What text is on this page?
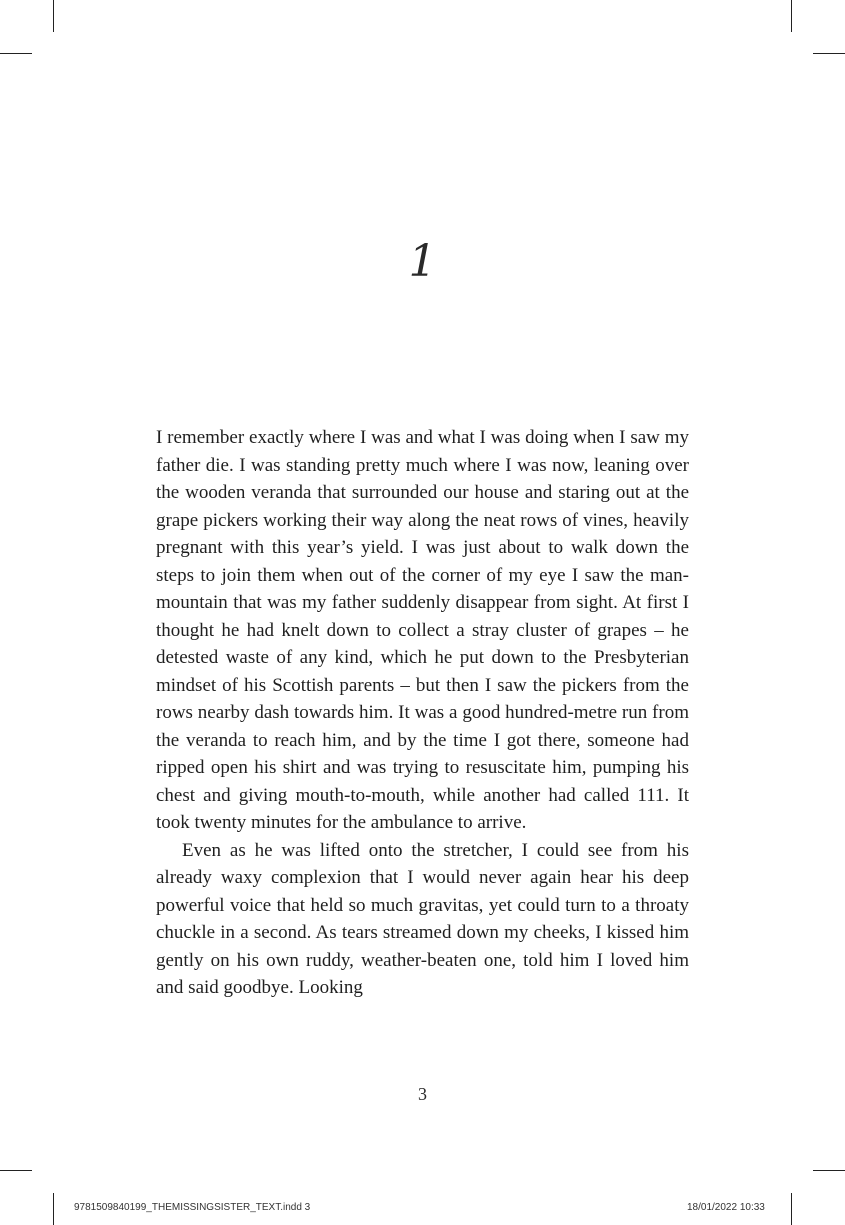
1

I remember exactly where I was and what I was doing when I saw my father die. I was standing pretty much where I was now, leaning over the wooden veranda that surrounded our house and staring out at the grape pickers working their way along the neat rows of vines, heavily pregnant with this year’s yield. I was just about to walk down the steps to join them when out of the corner of my eye I saw the man-mountain that was my father suddenly disappear from sight. At first I thought he had knelt down to collect a stray cluster of grapes – he detested waste of any kind, which he put down to the Presbyterian mindset of his Scottish parents – but then I saw the pickers from the rows nearby dash towards him. It was a good hundred-metre run from the veranda to reach him, and by the time I got there, someone had ripped open his shirt and was trying to resuscitate him, pumping his chest and giving mouth-to-mouth, while another had called 111. It took twenty minutes for the ambulance to arrive.

Even as he was lifted onto the stretcher, I could see from his already waxy complexion that I would never again hear his deep powerful voice that held so much gravitas, yet could turn to a throaty chuckle in a second. As tears streamed down my cheeks, I kissed him gently on his own ruddy, weather-beaten one, told him I loved him and said goodbye. Looking

3
9781509840199_THEMISSINGSISTER_TEXT.indd 3	18/01/2022 10:33
